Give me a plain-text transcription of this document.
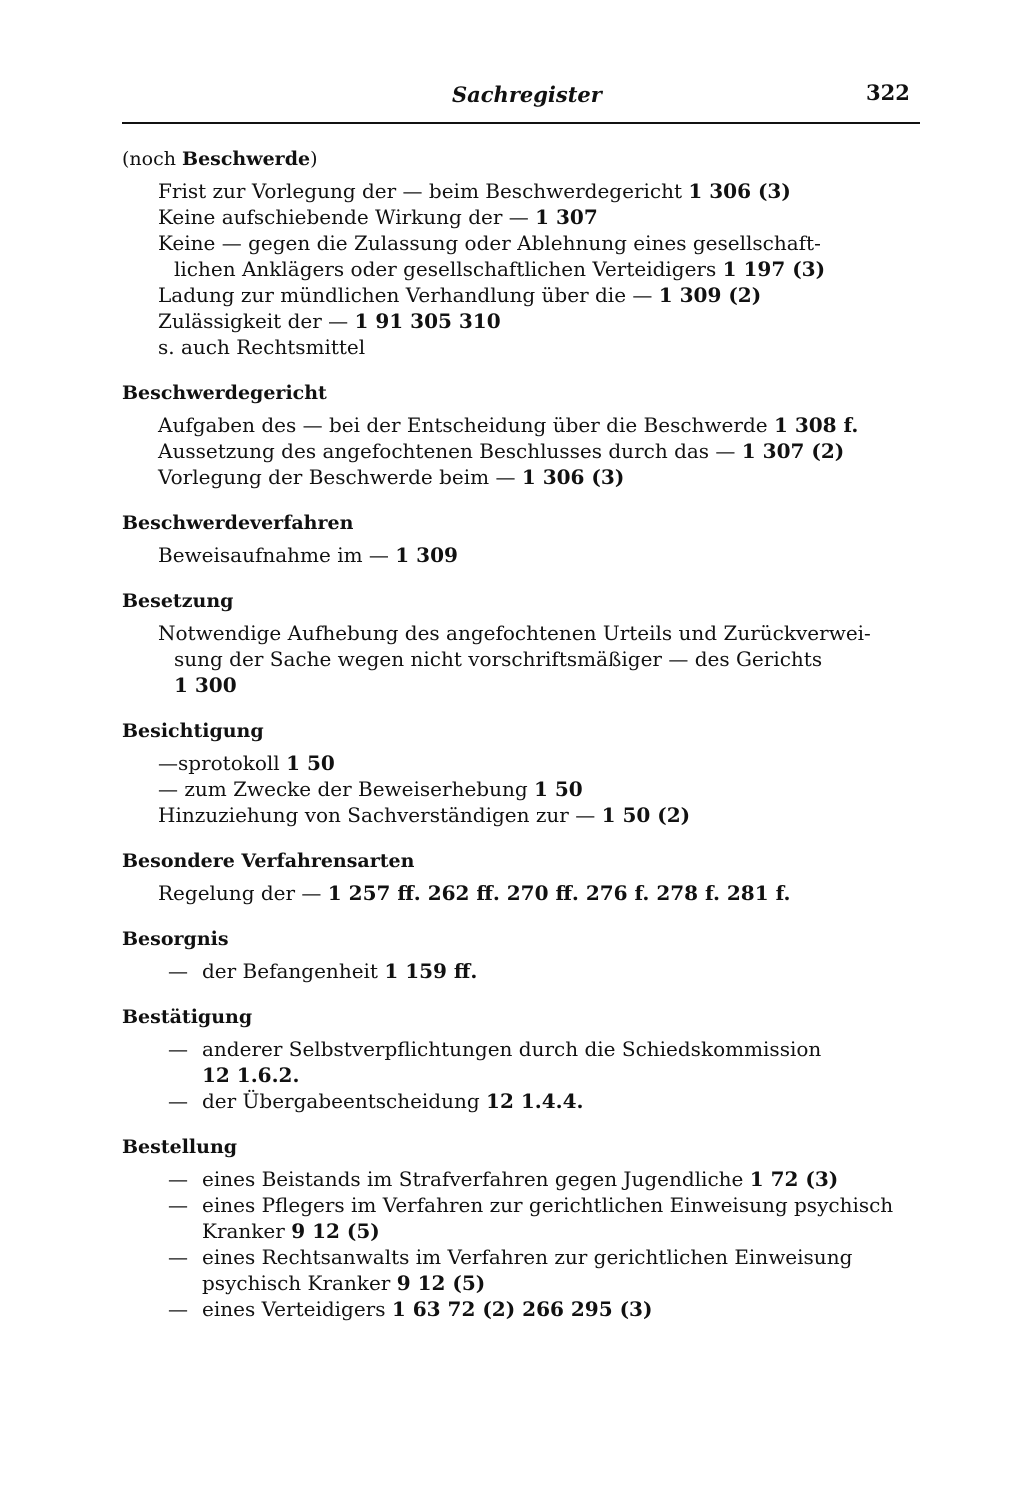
Sachregister	322
(noch Beschwerde)
Frist zur Vorlegung der — beim Beschwerdegericht 1 306 (3)
Keine aufschiebende Wirkung der — 1 307
Keine — gegen die Zulassung oder Ablehnung eines gesellschaft-
lichen Anklägers oder gesellschaftlichen Verteidigers 1 197 (3)
Ladung zur mündlichen Verhandlung über die — 1 309 (2)
Zulässigkeit der — 1 91 305 310
s. auch Rechtsmittel
Beschwerdegericht
Aufgaben des — bei der Entscheidung über die Beschwerde 1 308 f.
Aussetzung des angefochtenen Beschlusses durch das — 1 307 (2)
Vorlegung der Beschwerde beim — 1 306 (3)
Beschwerdeverfahren
Beweisaufnahme im — 1 309
Besetzung
Notwendige Aufhebung des angefochtenen Urteils und Zurückverwei-
sung der Sache wegen nicht vorschriftsmäßiger — des Gerichts
1 300
Besichtigung
—sprotokoll 1 50
— zum Zwecke der Beweiserhebung 1 50
Hinzuziehung von Sachverständigen zur — 1 50 (2)
Besondere Verfahrensarten
Regelung der — 1 257 ff. 262 ff. 270 ff. 276 f. 278 f. 281 f.
Besorgnis
— der Befangenheit 1 159 ff.
Bestätigung
— anderer Selbstverpflichtungen durch die Schiedskommission
12 1.6.2.
— der Übergabeentscheidung 12 1.4.4.
Bestellung
— eines Beistands im Strafverfahren gegen Jugendliche 1 72 (3)
— eines Pflegers im Verfahren zur gerichtlichen Einweisung psychisch
Kranker 9 12 (5)
— eines Rechtsanwalts im Verfahren zur gerichtlichen Einweisung
psychisch Kranker 9 12 (5)
— eines Verteidigers 1 63 72 (2) 266 295 (3)
